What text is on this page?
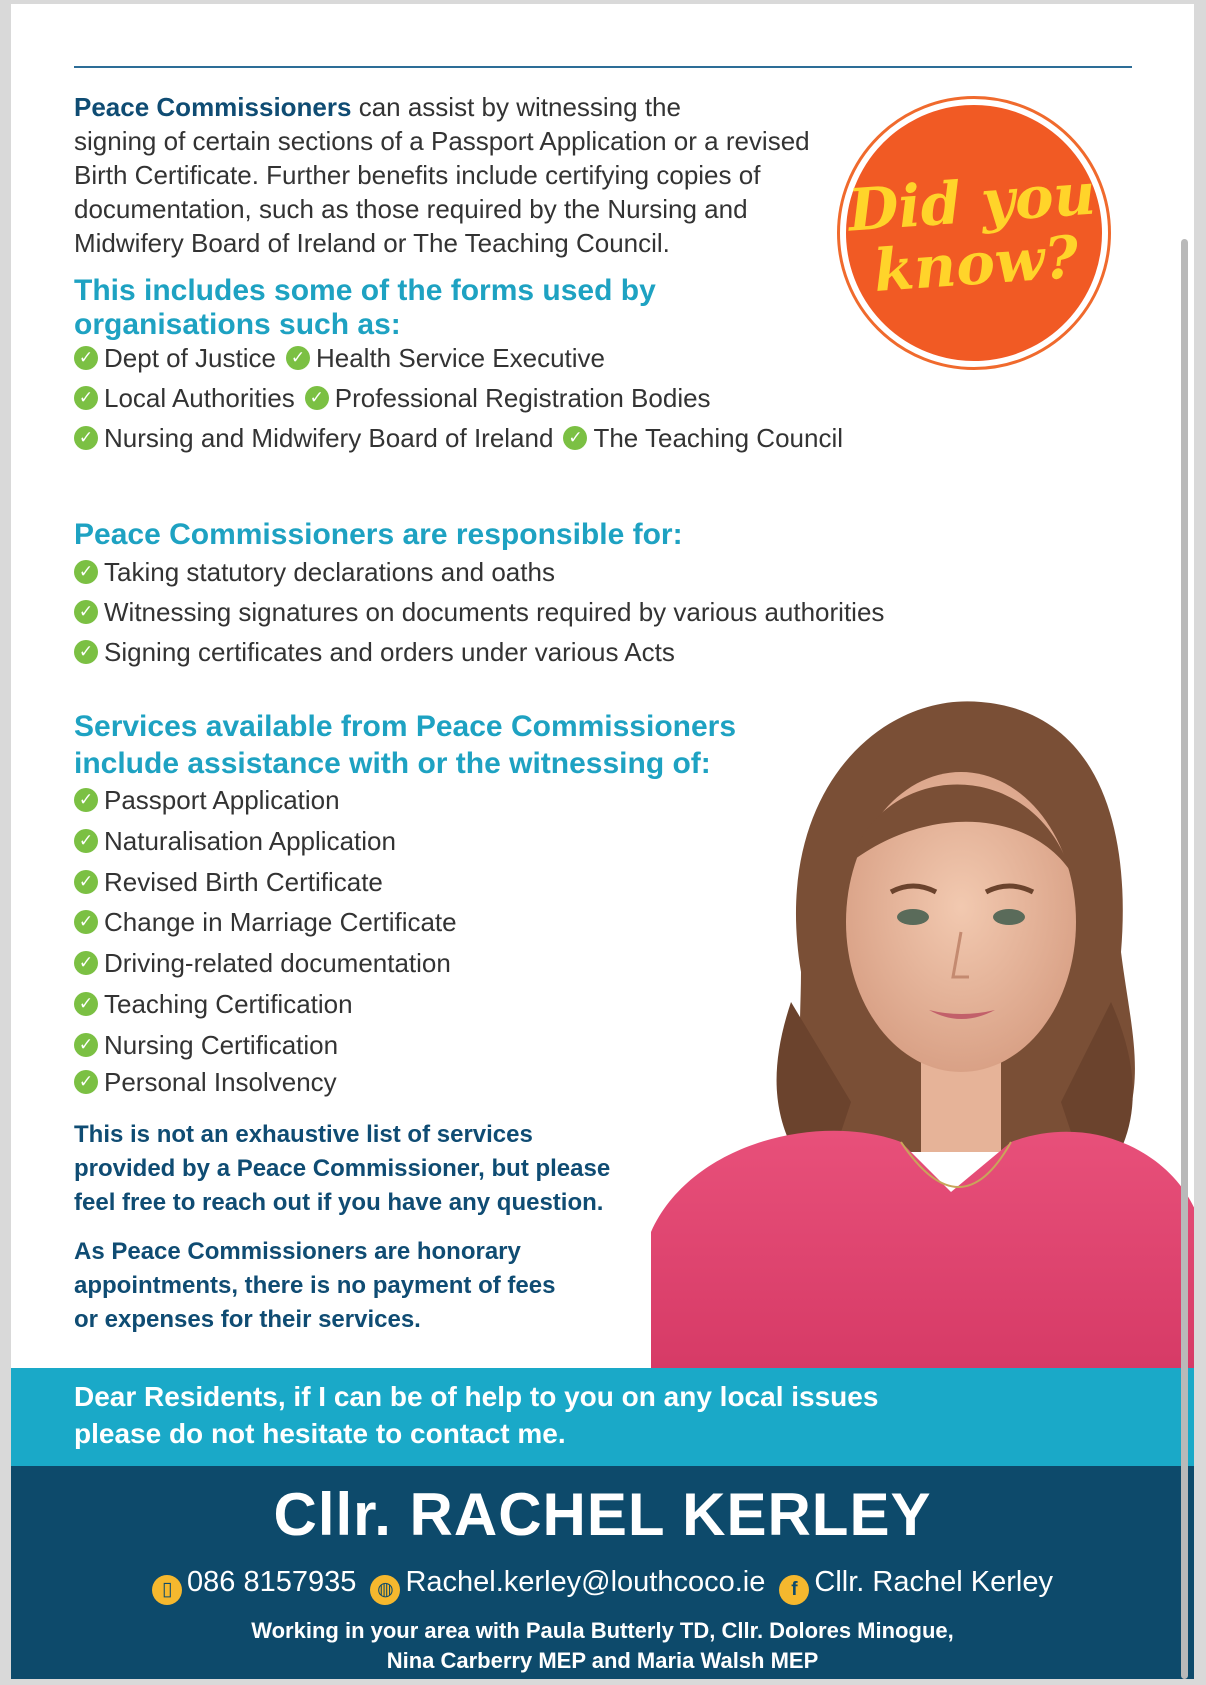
Peace Commissioners can assist by witnessing the
signing of certain sections of a Passport Application or a revised
Birth Certificate. Further benefits include certifying copies of
documentation, such as those required by the Nursing and
Midwifery Board of Ireland or The Teaching Council.	Did you
know?
This includes some of the forms used by
organisations such as:
✓ Dept of Justice ✓ Health Service Executive
✓ Local Authorities ✓ Professional Registration Bodies
✓ Nursing and Midwifery Board of Ireland ✓ The Teaching Council
Peace Commissioners are responsible for:
✓ Taking statutory declarations and oaths
✓ Witnessing signatures on documents required by various authorities
✓ Signing certificates and orders under various Acts
Services available from Peace Commissioners
include assistance with or the witnessing of:
✓ Passport Application
✓ Naturalisation Application
✓ Revised Birth Certificate
✓ Change in Marriage Certificate
✓ Driving-related documentation
✓ Teaching Certification
✓ Nursing Certification
✓ Personal Insolvency
This is not an exhaustive list of services
provided by a Peace Commissioner, but please
feel free to reach out if you have any question.
As Peace Commissioners are honorary
appointments, there is no payment of fees
or expenses for their services.
Dear Residents, if I can be of help to you on any local issues
please do not hesitate to contact me.
Cllr. RACHEL KERLEY
▯ 086 8157935 ◍ Rachel.kerley@louthcoco.ie f Cllr. Rachel Kerley
Working in your area with Paula Butterly TD, Cllr. Dolores Minogue,
Nina Carberry MEP and Maria Walsh MEP
